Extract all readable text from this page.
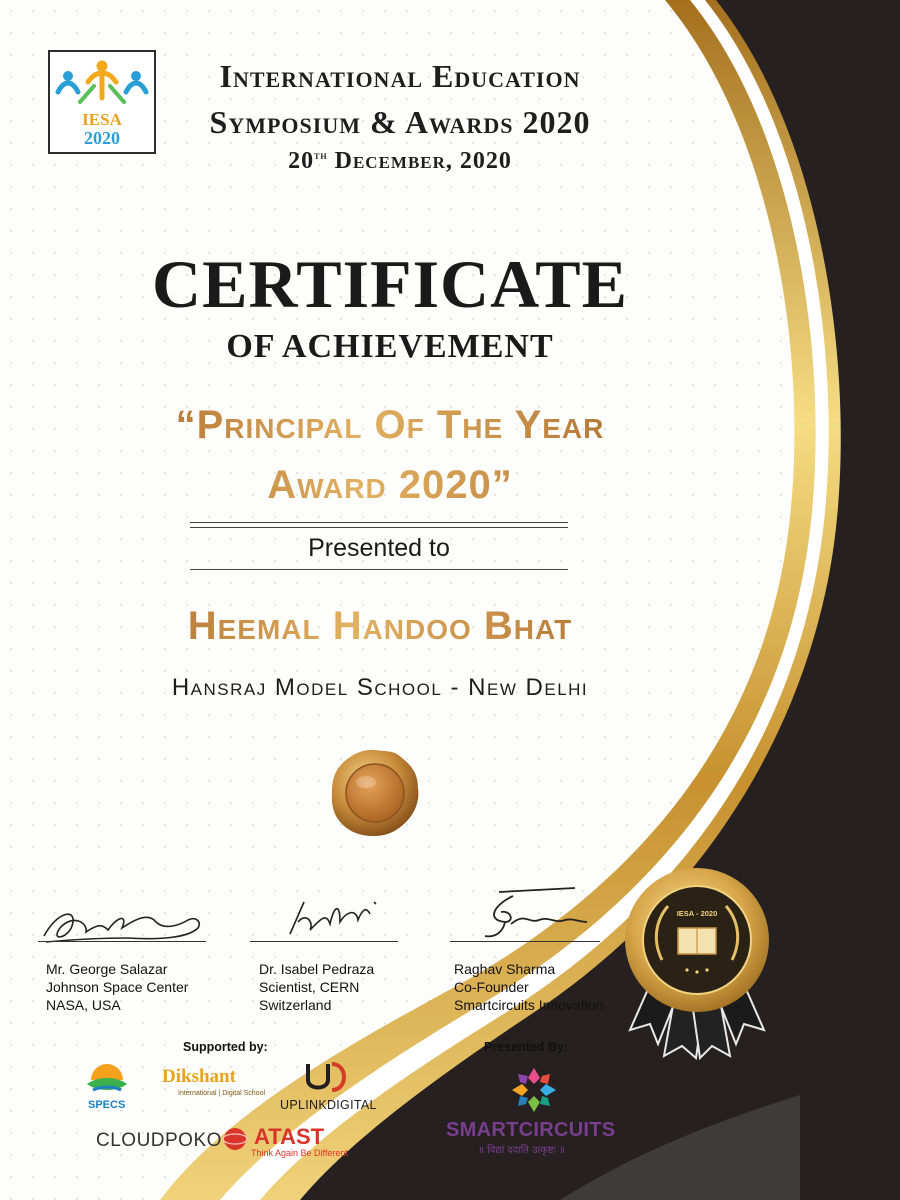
IESA
2020
International Education
Symposium & Awards 2020
20th December, 2020
CERTIFICATE
OF ACHIEVEMENT
“Principal Of The Year
Award 2020”
Presented to
Heemal Handoo Bhat
Hansraj Model School - New Delhi
Mr. George Salazar
Johnson Space Center
NASA, USA
Dr. Isabel Pedraza
Scientist, CERN
Switzerland
Raghav Sharma
Co-Founder
Smartcircuits Innovation
IESA - 2020
Supported by:
SPECS
Dikshant
International | Digital School
UPLINKDIGITAL
CLOUDPOKO ATAST
Think Again Be Different
Presented By:
SMARTCIRCUITS
॥ विद्यां ददाति उत्कृष्टः ॥
